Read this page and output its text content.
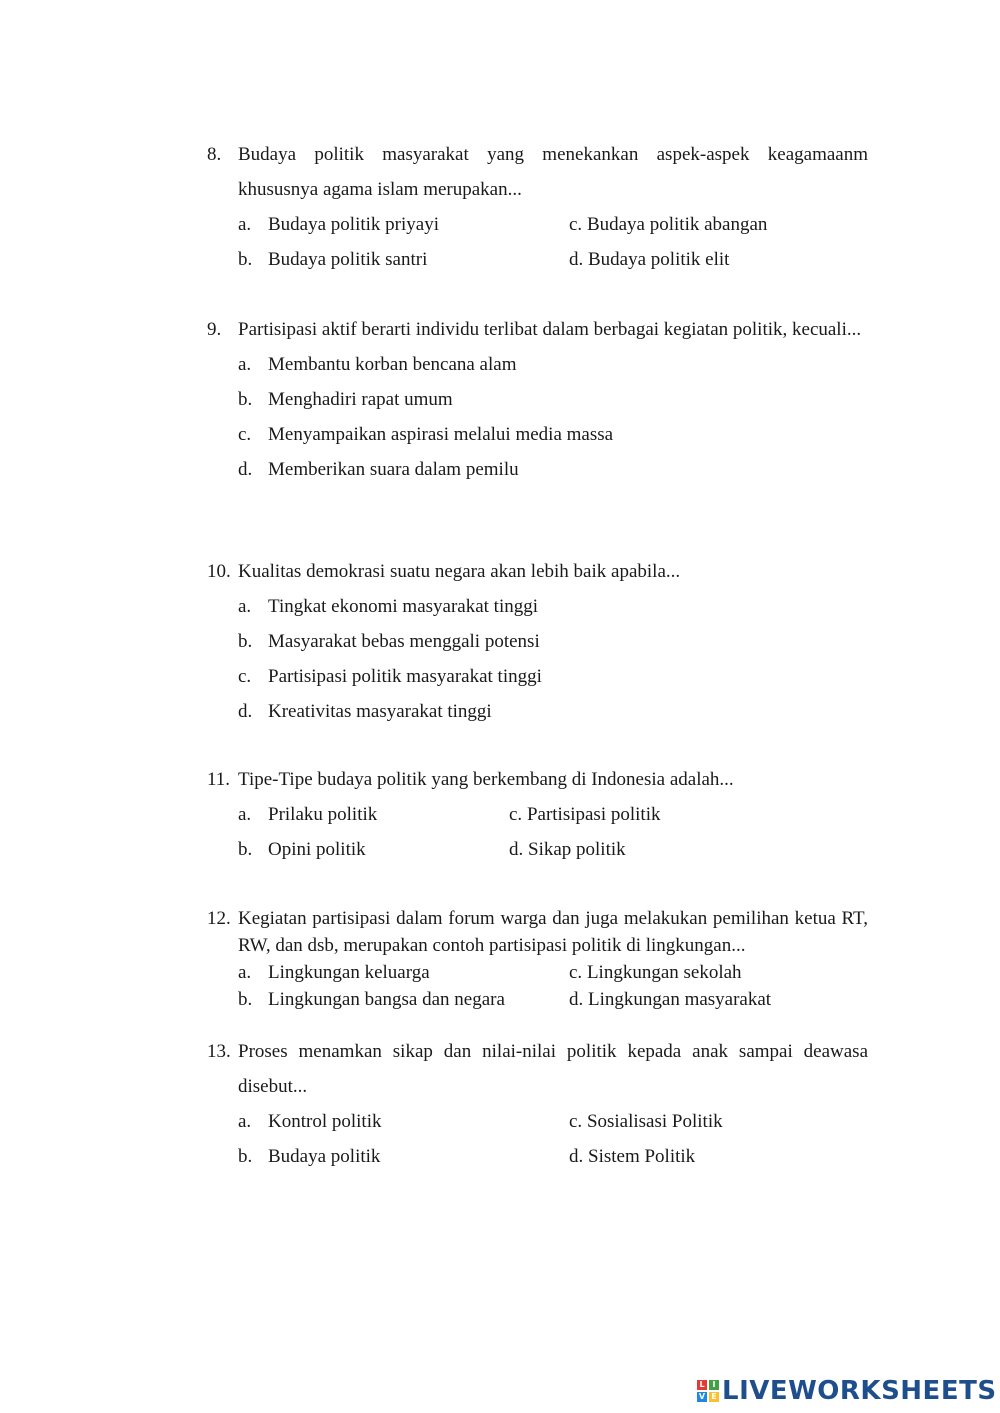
8. Budaya politik masyarakat yang menekankan aspek-aspek keagamaanm khususnya agama islam merupakan...
a. Budaya politik priyayi	c. Budaya politik abangan
b. Budaya politik santri	d. Budaya politik elit
9. Partisipasi aktif berarti individu terlibat dalam berbagai kegiatan politik, kecuali...
a. Membantu korban bencana alam
b. Menghadiri rapat umum
c. Menyampaikan aspirasi melalui media massa
d. Memberikan suara dalam pemilu
10. Kualitas demokrasi suatu negara akan lebih baik apabila...
a. Tingkat ekonomi masyarakat tinggi
b. Masyarakat bebas menggali potensi
c. Partisipasi politik masyarakat tinggi
d. Kreativitas masyarakat tinggi
11. Tipe-Tipe budaya politik yang berkembang di Indonesia adalah...
a. Prilaku politik	c. Partisipasi politik
b. Opini politik	d. Sikap politik
12. Kegiatan partisipasi dalam forum warga dan juga melakukan pemilihan ketua RT, RW, dan dsb, merupakan contoh partisipasi politik di lingkungan...
a. Lingkungan keluarga	c. Lingkungan sekolah
b. Lingkungan bangsa dan negara	d. Lingkungan masyarakat
13. Proses menamkan sikap dan nilai-nilai politik kepada anak sampai deawasa disebut...
a. Kontrol politik	c. Sosialisasi Politik
b. Budaya politik	d. Sistem Politik
L I
V E LIVEWORKSHEETS
